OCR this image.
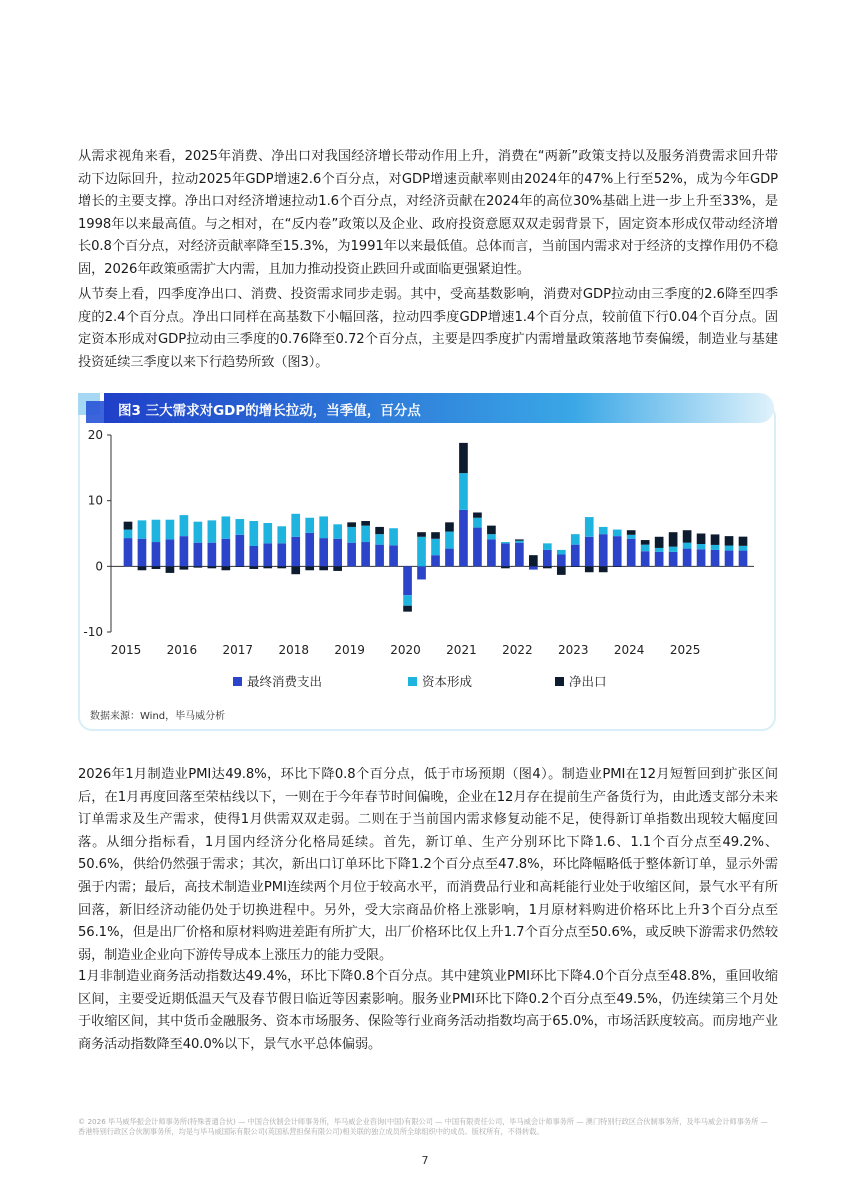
从需求视角来看，2025年消费、净出口对我国经济增长带动作用上升，消费在“两新”政策支持以及服务消费需求回升带动下边际回升，拉动2025年GDP增速2.6个百分点，对GDP增速贡献率则由2024年的47%上行至52%，成为今年GDP增长的主要支撑。净出口对经济增速拉动1.6个百分点，对经济贡献在2024年的高位30%基础上进一步上升至33%，是1998年以来最高值。与之相对，在“反内卷”政策以及企业、政府投资意愿双双走弱背景下，固定资本形成仅带动经济增长0.8个百分点，对经济贡献率降至15.3%，为1991年以来最低值。总体而言，当前国内需求对于经济的支撑作用仍不稳固，2026年政策亟需扩大内需，且加力推动投资止跌回升或面临更强紧迫性。

从节奏上看，四季度净出口、消费、投资需求同步走弱。其中，受高基数影响，消费对GDP拉动由三季度的2.6降至四季度的2.4个百分点。净出口同样在高基数下小幅回落，拉动四季度GDP增速1.4个百分点，较前值下行0.04个百分点。固定资本形成对GDP拉动由三季度的0.76降至0.72个百分点，主要是四季度扩内需增量政策落地节奏偏缓，制造业与基建投资延续三季度以来下行趋势所致（图3）。

图3 三大需求对GDP的增长拉动，当季值，百分点

20
10
0
-10
2015 2016 2017 2018 2019 2020 2021 2022 2023 2024 2025
最终消费支出	资本形成	净出口

数据来源：Wind，毕马威分析

2026年1月制造业PMI达49.8%，环比下降0.8个百分点，低于市场预期（图4）。制造业PMI在12月短暂回到扩张区间后，在1月再度回落至荣枯线以下，一则在于今年春节时间偏晚，企业在12月存在提前生产备货行为，由此透支部分未来订单需求及生产需求，使得1月供需双双走弱。二则在于当前国内需求修复动能不足，使得新订单指数出现较大幅度回落。从细分指标看，1月国内经济分化格局延续。首先，新订单、生产分别环比下降1.6、1.1个百分点至49.2%、50.6%，供给仍然强于需求；其次，新出口订单环比下降1.2个百分点至47.8%，环比降幅略低于整体新订单，显示外需强于内需；最后，高技术制造业PMI连续两个月位于较高水平，而消费品行业和高耗能行业处于收缩区间，景气水平有所回落，新旧经济动能仍处于切换进程中。另外，受大宗商品价格上涨影响，1月原材料购进价格环比上升3个百分点至56.1%，但是出厂价格和原材料购进差距有所扩大，出厂价格环比仅上升1.7个百分点至50.6%，或反映下游需求仍然较弱，制造业企业向下游传导成本上涨压力的能力受限。

1月非制造业商务活动指数达49.4%，环比下降0.8个百分点。其中建筑业PMI环比下降4.0个百分点至48.8%，重回收缩区间，主要受近期低温天气及春节假日临近等因素影响。服务业PMI环比下降0.2个百分点至49.5%，仍连续第三个月处于收缩区间，其中货币金融服务、资本市场服务、保险等行业商务活动指数均高于65.0%，市场活跃度较高。而房地产业商务活动指数降至40.0%以下，景气水平总体偏弱。

© 2026 毕马威华振会计师事务所(特殊普通合伙) — 中国合伙制会计师事务所，毕马威企业咨询(中国)有限公司 — 中国有限责任公司，毕马威会计师事务所 — 澳门特别行政区合伙制事务所，及毕马威会计师事务所 — 香港特别行政区合伙制事务所，均是与毕马威国际有限公司(英国私营担保有限公司)相关联的独立成员所全球组织中的成员。版权所有，不得转载。

7
